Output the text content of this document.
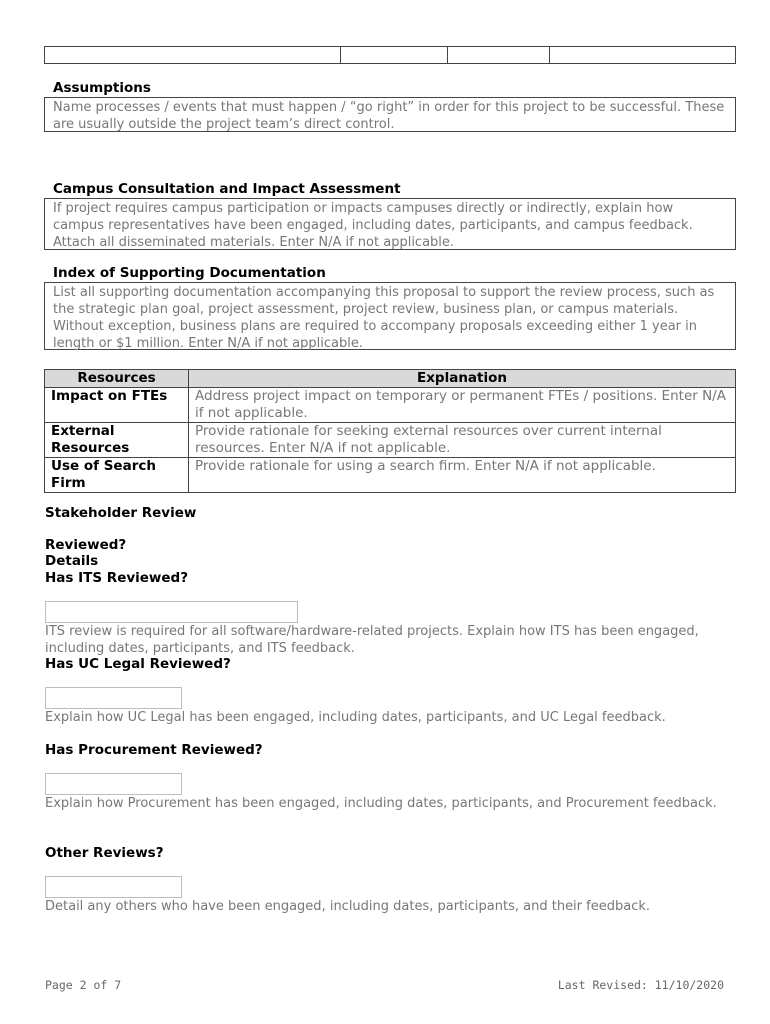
Assumptions
Name processes / events that must happen / “go right” in order for this project to be successful. These are usually outside the project team’s direct control.
Campus Consultation and Impact Assessment
If project requires campus participation or impacts campuses directly or indirectly, explain how campus representatives have been engaged, including dates, participants, and campus feedback. Attach all disseminated materials. Enter N/A if not applicable.
Index of Supporting Documentation
List all supporting documentation accompanying this proposal to support the review process, such as the strategic plan goal, project assessment, project review, business plan, or campus materials. Without exception, business plans are required to accompany proposals exceeding either 1 year in length or $1 million. Enter N/A if not applicable.
Resources	Explanation
Impact on FTEs	Address project impact on temporary or permanent FTEs / positions. Enter N/A if not applicable.
External Resources	Provide rationale for seeking external resources over current internal resources. Enter N/A if not applicable.
Use of Search Firm	Provide rationale for using a search firm. Enter N/A if not applicable.
Stakeholder Review
Reviewed?
Details
Has ITS Reviewed?
ITS review is required for all software/hardware-related projects. Explain how ITS has been engaged, including dates, participants, and ITS feedback.
Has UC Legal Reviewed?
Explain how UC Legal has been engaged, including dates, participants, and UC Legal feedback.
Has Procurement Reviewed?
Explain how Procurement has been engaged, including dates, participants, and Procurement feedback.
Other Reviews?
Detail any others who have been engaged, including dates, participants, and their feedback.
Page 2 of 7	Last Revised: 11/10/2020
